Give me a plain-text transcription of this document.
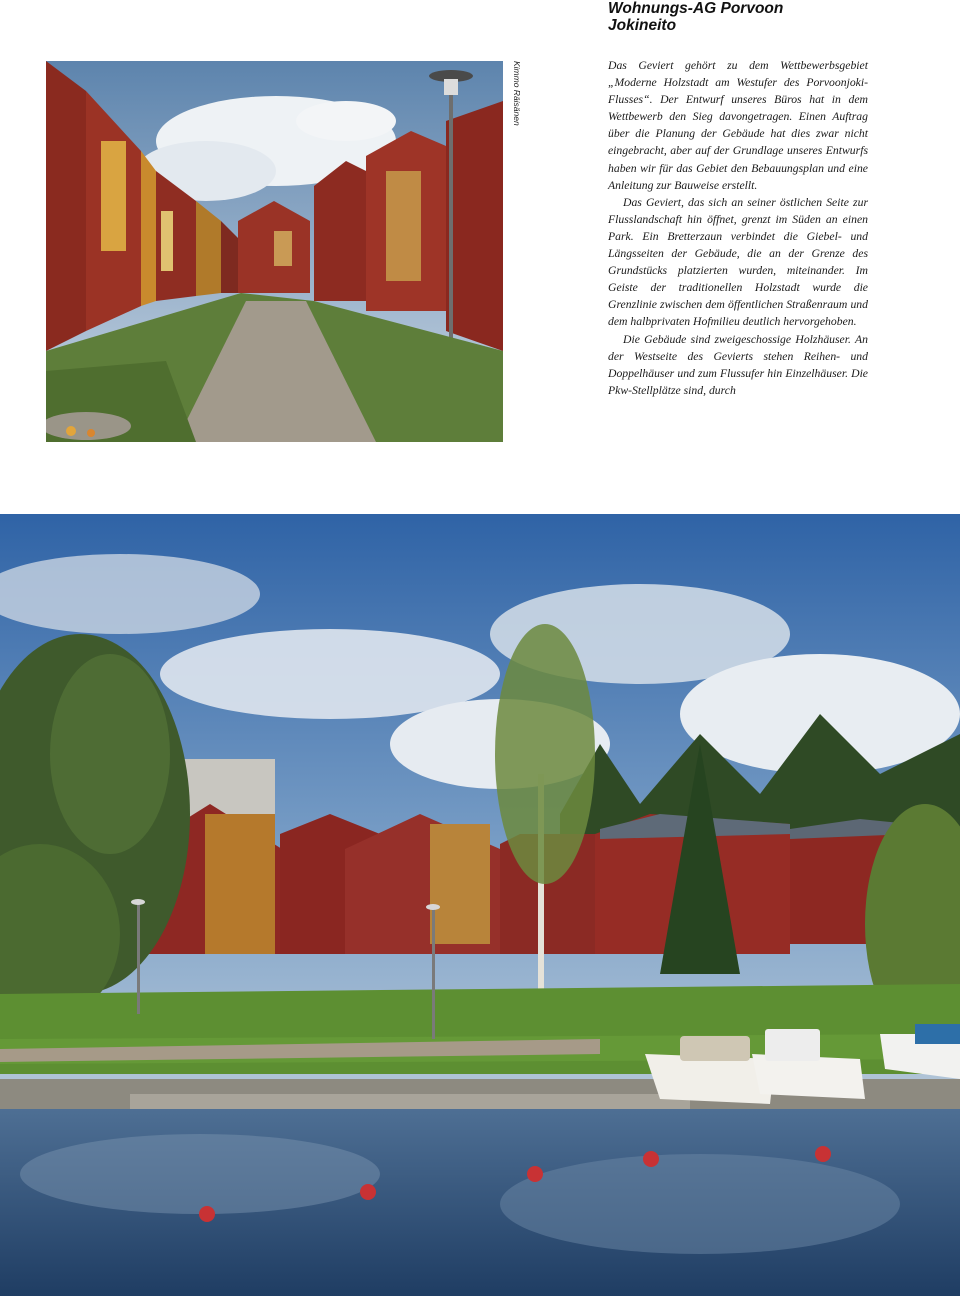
Wohnungs-AG Porvoon
Jokineito
Kimmo Räisänen	Das Geviert gehört zu dem Wettbewerbsgebiet „Moderne Holzstadt am Westufer des Porvoonjoki-Flusses“. Der Entwurf unseres Büros hat in dem Wettbewerb den Sieg davongetragen. Einen Auftrag über die Planung der Gebäude hat dies zwar nicht eingebracht, aber auf der Grundlage unseres Entwurfs haben wir für das Gebiet den Bebauungsplan und eine Anleitung zur Bauweise erstellt.

Das Geviert, das sich an seiner östlichen Seite zur Flusslandschaft hin öffnet, grenzt im Süden an einen Park. Ein Bretterzaun verbindet die Giebel- und Längsseiten der Gebäude, die an der Grenze des Grundstücks platzierten wurden, miteinander. Im Geiste der traditionellen Holzstadt wurde die Grenzlinie zwischen dem öffentlichen Straßenraum und dem halbprivaten Hofmilieu deutlich hervorgehoben.

Die Gebäude sind zweigeschossige Holzhäuser. An der Westseite des Gevierts stehen Reihen- und Doppelhäuser und zum Flussufer hin Einzelhäuser. Die Pkw-Stellplätze sind, durch
